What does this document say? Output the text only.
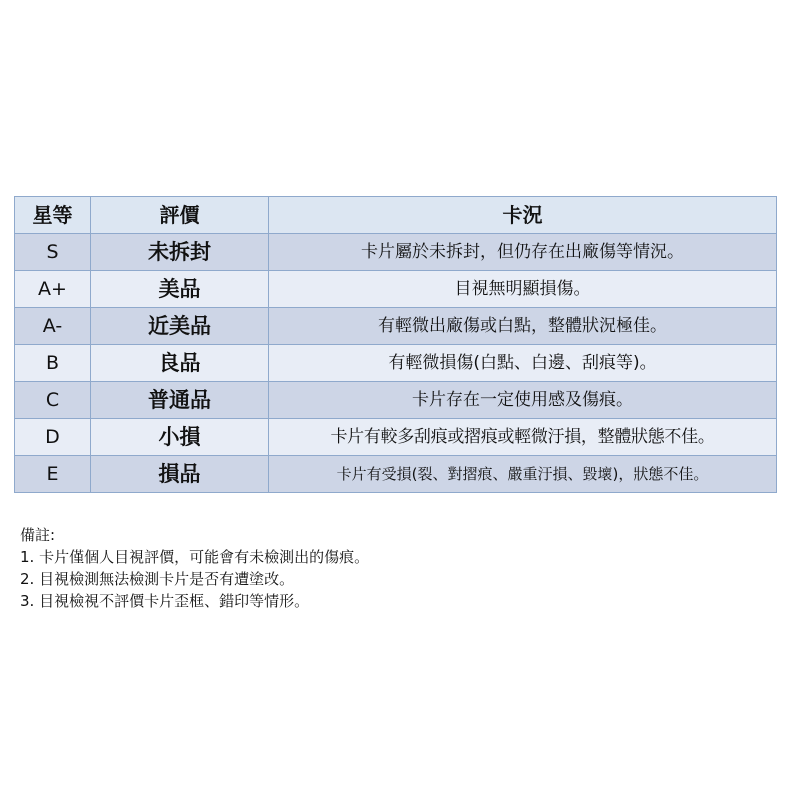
星等	評價	卡況
S	未拆封	卡片屬於未拆封，但仍存在出廠傷等情況。
A+	美品	目視無明顯損傷。
A-	近美品	有輕微出廠傷或白點，整體狀況極佳。
B	良品	有輕微損傷(白點、白邊、刮痕等)。
C	普通品	卡片存在一定使用感及傷痕。
D	小損	卡片有較多刮痕或摺痕或輕微汙損，整體狀態不佳。
E	損品	卡片有受損(裂、對摺痕、嚴重汙損、毀壞)，狀態不佳。
備註:
1. 卡片僅個人目視評價，可能會有未檢測出的傷痕。
2. 目視檢測無法檢測卡片是否有遭塗改。
3. 目視檢視不評價卡片歪框、錯印等情形。
